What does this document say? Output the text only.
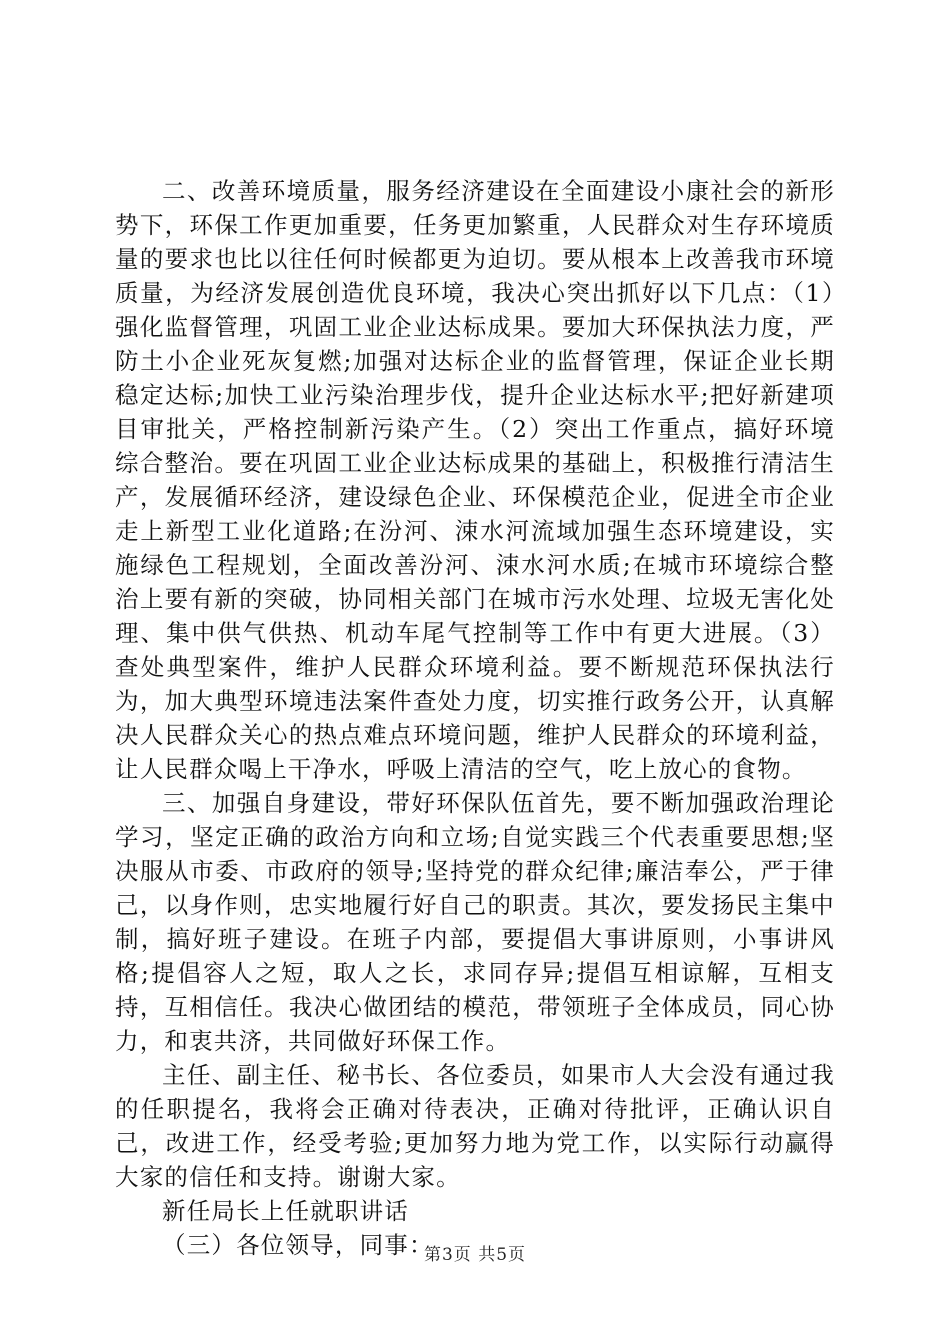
二、改善环境质量，服务经济建设在全面建设小康社会的新形势下，环保工作更加重要，任务更加繁重，人民群众对生存环境质量的要求也比以往任何时候都更为迫切。要从根本上改善我市环境质量，为经济发展创造优良环境，我决心突出抓好以下几点：（1）强化监督管理，巩固工业企业达标成果。要加大环保执法力度，严防土小企业死灰复燃;加强对达标企业的监督管理，保证企业长期稳定达标;加快工业污染治理步伐，提升企业达标水平;把好新建项目审批关，严格控制新污染产生。（2）突出工作重点，搞好环境综合整治。要在巩固工业企业达标成果的基础上，积极推行清洁生产，发展循环经济，建设绿色企业、环保模范企业，促进全市企业走上新型工业化道路;在汾河、涑水河流域加强生态环境建设，实施绿色工程规划，全面改善汾河、涑水河水质;在城市环境综合整治上要有新的突破，协同相关部门在城市污水处理、垃圾无害化处理、集中供气供热、机动车尾气控制等工作中有更大进展。（3）查处典型案件，维护人民群众环境利益。要不断规范环保执法行为，加大典型环境违法案件查处力度，切实推行政务公开，认真解决人民群众关心的热点难点环境问题，维护人民群众的环境利益，让人民群众喝上干净水，呼吸上清洁的空气，吃上放心的食物。

三、加强自身建设，带好环保队伍首先，要不断加强政治理论学习，坚定正确的政治方向和立场;自觉实践三个代表重要思想;坚决服从市委、市政府的领导;坚持党的群众纪律;廉洁奉公，严于律己，以身作则，忠实地履行好自己的职责。其次，要发扬民主集中制，搞好班子建设。在班子内部，要提倡大事讲原则，小事讲风格;提倡容人之短，取人之长，求同存异;提倡互相谅解，互相支持，互相信任。我决心做团结的模范，带领班子全体成员，同心协力，和衷共济，共同做好环保工作。

主任、副主任、秘书长、各位委员，如果市人大会没有通过我的任职提名，我将会正确对待表决，正确对待批评，正确认识自己，改进工作，经受考验;更加努力地为党工作，以实际行动赢得大家的信任和支持。谢谢大家。

新任局长上任就职讲话

（三）各位领导，同事：

第3页 共5页
